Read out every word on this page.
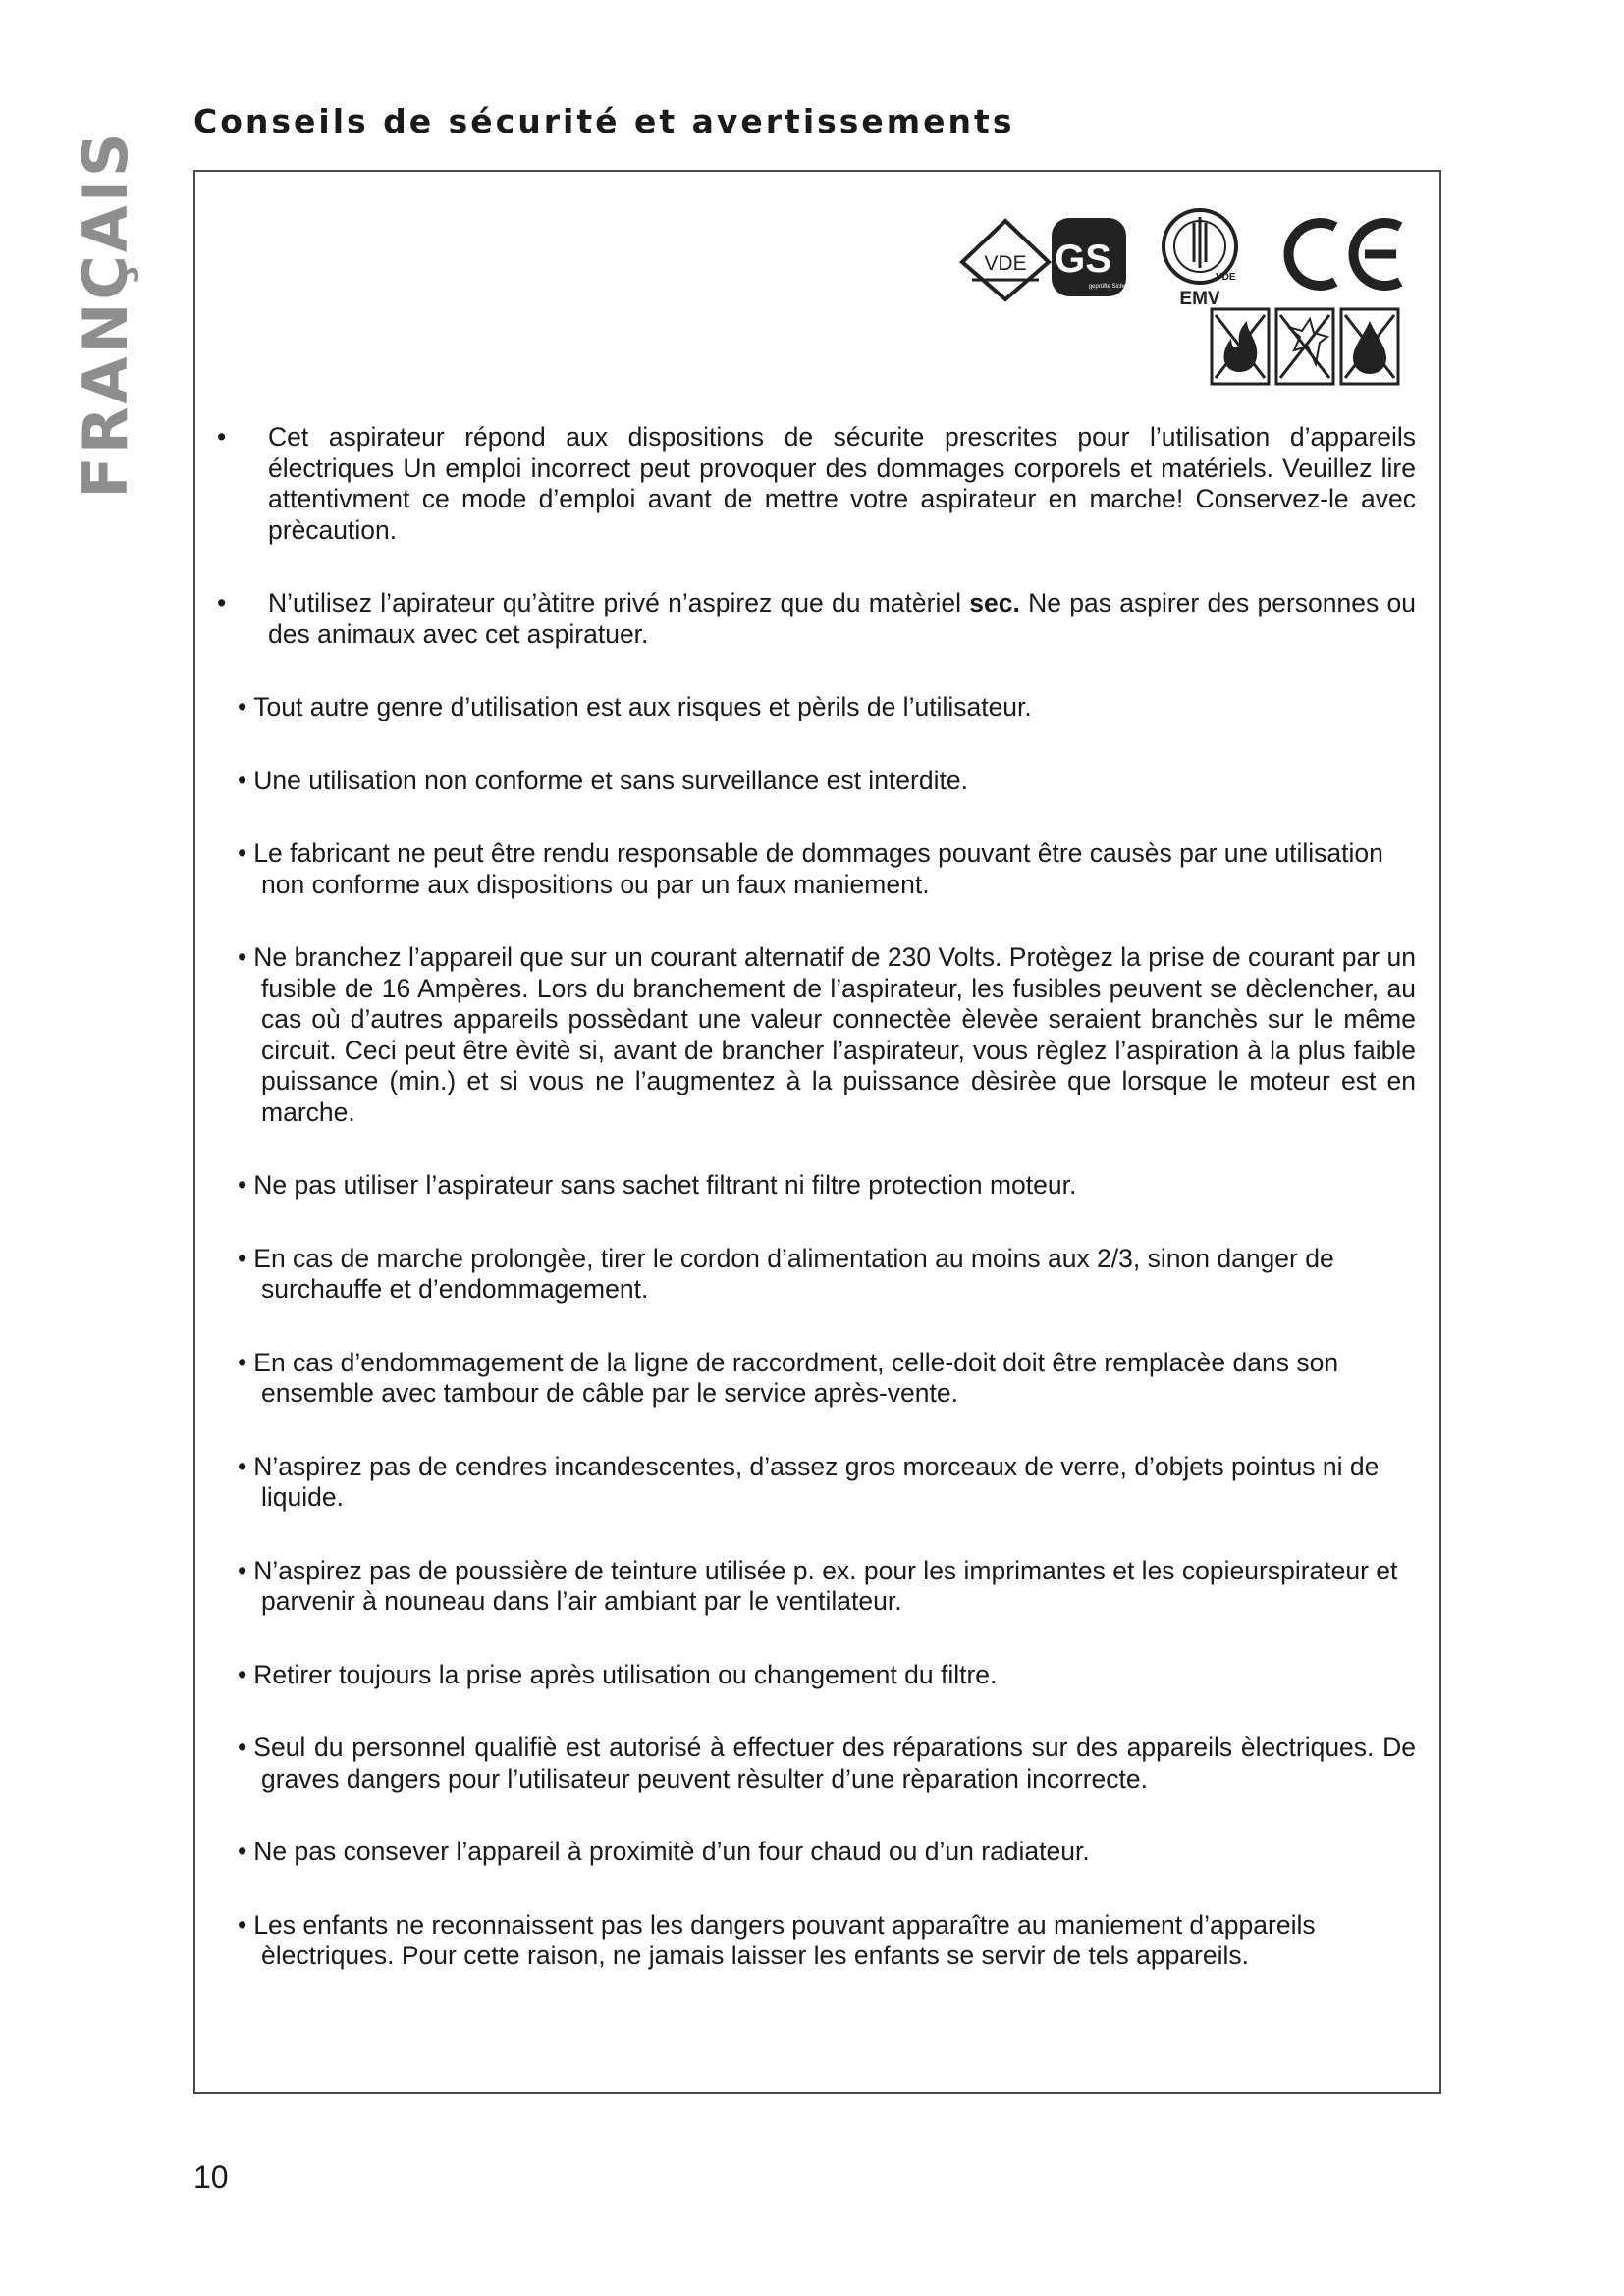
FRANÇAIS
Conseils de sécurité et avertissements
VDE GS
geprüfte Sicherheit
VDE
EMV
• Cet aspirateur répond aux dispositions de sécurite prescrites pour l’utilisation d’appareils électriques Un emploi incorrect peut provoquer des dommages corporels et matériels. Veuillez lire attentivment ce mode d’emploi avant de mettre votre aspirateur en marche! Conservez-le avec prècaution.
• N’utilisez l’apirateur qu’àtitre privé n’aspirez que du matèriel sec. Ne pas aspirer des personnes ou des animaux avec cet aspiratuer.
• Tout autre genre d’utilisation est aux risques et pèrils de l’utilisateur.
• Une utilisation non conforme et sans surveillance est interdite.
• Le fabricant ne peut être rendu responsable de dommages pouvant être causès par une utilisation non conforme aux dispositions ou par un faux maniement.
• Ne branchez l’appareil que sur un courant alternatif de 230 Volts. Protègez la prise de courant par un fusible de 16 Ampères. Lors du branchement de l’aspirateur, les fusibles peuvent se dèclencher, au cas où d’autres appareils possèdant une valeur connectèe èlevèe seraient branchès sur le même circuit. Ceci peut être èvitè si, avant de brancher l’aspirateur, vous règlez l’aspiration à la plus faible puissance (min.) et si vous ne l’augmentez à la puissance dèsirèe que lorsque le moteur est en marche.
• Ne pas utiliser l’aspirateur sans sachet filtrant ni filtre protection moteur.
• En cas de marche prolongèe, tirer le cordon d’alimentation au moins aux 2/3, sinon danger de surchauffe et d’endommagement.
• En cas d’endommagement de la ligne de raccordment, celle-doit doit être remplacèe dans son ensemble avec tambour de câble par le service après-vente.
• N’aspirez pas de cendres incandescentes, d’assez gros morceaux de verre, d’objets pointus ni de liquide.
• N’aspirez pas de poussière de teinture utilisée p. ex. pour les imprimantes et les copieurspirateur et parvenir à nouneau dans l’air ambiant par le ventilateur.
• Retirer toujours la prise après utilisation ou changement du filtre.
• Seul du personnel qualifiè est autorisé à effectuer des réparations sur des appareils èlectriques. De graves dangers pour l’utilisateur peuvent rèsulter d’une rèparation incorrecte.
• Ne pas consever l’appareil à proximitè d’un four chaud ou d’un radiateur.
• Les enfants ne reconnaissent pas les dangers pouvant apparaître au maniement d’appareils èlectriques. Pour cette raison, ne jamais laisser les enfants se servir de tels appareils.
10
